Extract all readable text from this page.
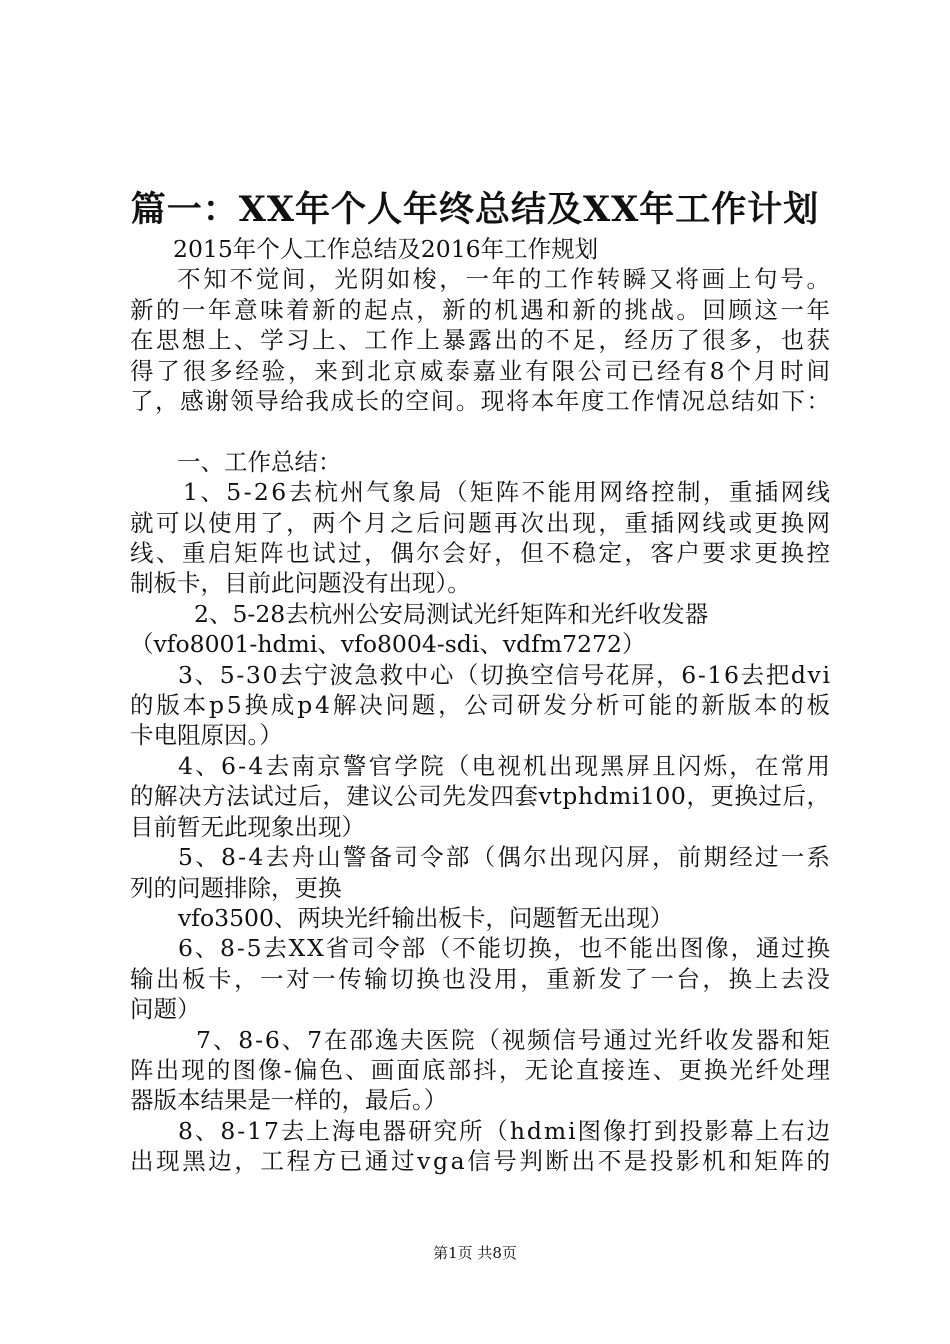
篇一：XX年个人年终总结及XX年工作计划
2015年个人工作总结及2016年工作规划
不知不觉间，光阴如梭，一年的工作转瞬又将画上句号。
新的一年意味着新的起点，新的机遇和新的挑战。回顾这一年
在思想上、学习上、工作上暴露出的不足，经历了很多，也获
得了很多经验，来到北京威泰嘉业有限公司已经有8个月时间
了，感谢领导给我成长的空间。现将本年度工作情况总结如下：
一、工作总结：
1、5-26去杭州气象局（矩阵不能用网络控制，重插网线
就可以使用了，两个月之后问题再次出现，重插网线或更换网
线、重启矩阵也试过，偶尔会好，但不稳定，客户要求更换控
制板卡，目前此问题没有出现）。
2、5-28去杭州公安局测试光纤矩阵和光纤收发器
（vfo8001-hdmi、vfo8004-sdi、vdfm7272）
3、5-30去宁波急救中心（切换空信号花屏，6-16去把dvi
的版本p5换成p4解决问题，公司研发分析可能的新版本的板
卡电阻原因。）
4、6-4去南京警官学院（电视机出现黑屏且闪烁，在常用
的解决方法试过后，建议公司先发四套vtphdmi100，更换过后，
目前暂无此现象出现）
5、8-4去舟山警备司令部（偶尔出现闪屏，前期经过一系
列的问题排除，更换
vfo3500、两块光纤输出板卡，问题暂无出现）
6、8-5去XX省司令部（不能切换，也不能出图像，通过换
输出板卡，一对一传输切换也没用，重新发了一台，换上去没
问题）
7、8-6、7在邵逸夫医院（视频信号通过光纤收发器和矩
阵出现的图像-偏色、画面底部抖，无论直接连、更换光纤处理
器版本结果是一样的，最后。）
8、8-17去上海电器研究所（hdmi图像打到投影幕上右边
出现黑边，工程方已通过vga信号判断出不是投影机和矩阵的
第1页 共8页
